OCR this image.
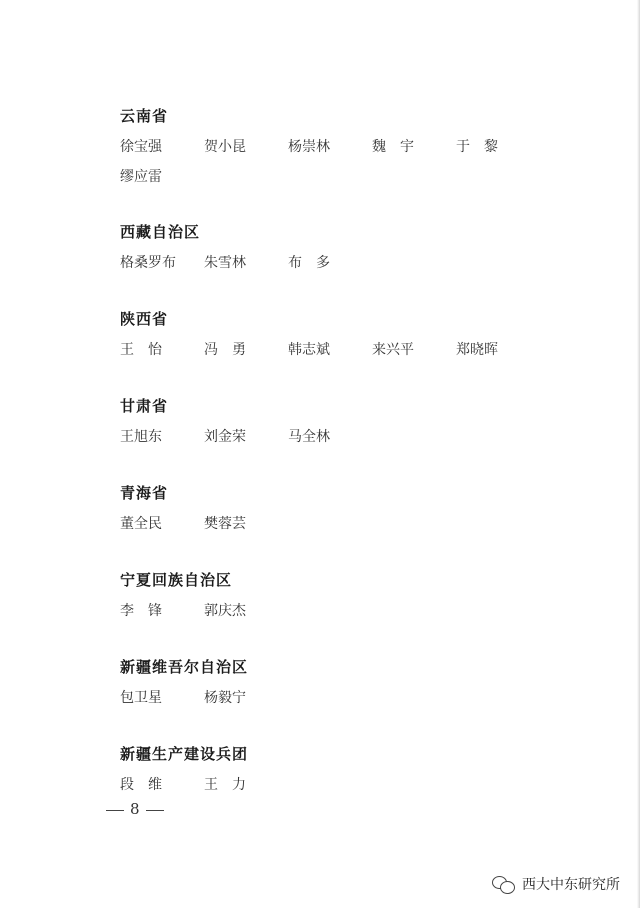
云南省
徐宝强	贺小昆	杨崇林	魏　宇	于　黎
缪应雷
西藏自治区
格桑罗布 朱雪林	布　多
陕西省
王　怡	冯　勇	韩志斌	来兴平	郑晓晖
甘肃省
王旭东	刘金荣	马全林
青海省
董全民	樊蓉芸
宁夏回族自治区
李　锋	郭庆杰
新疆维吾尔自治区
包卫星	杨毅宁
新疆生产建设兵团
段　维	王　力
8
西大中东研究所
